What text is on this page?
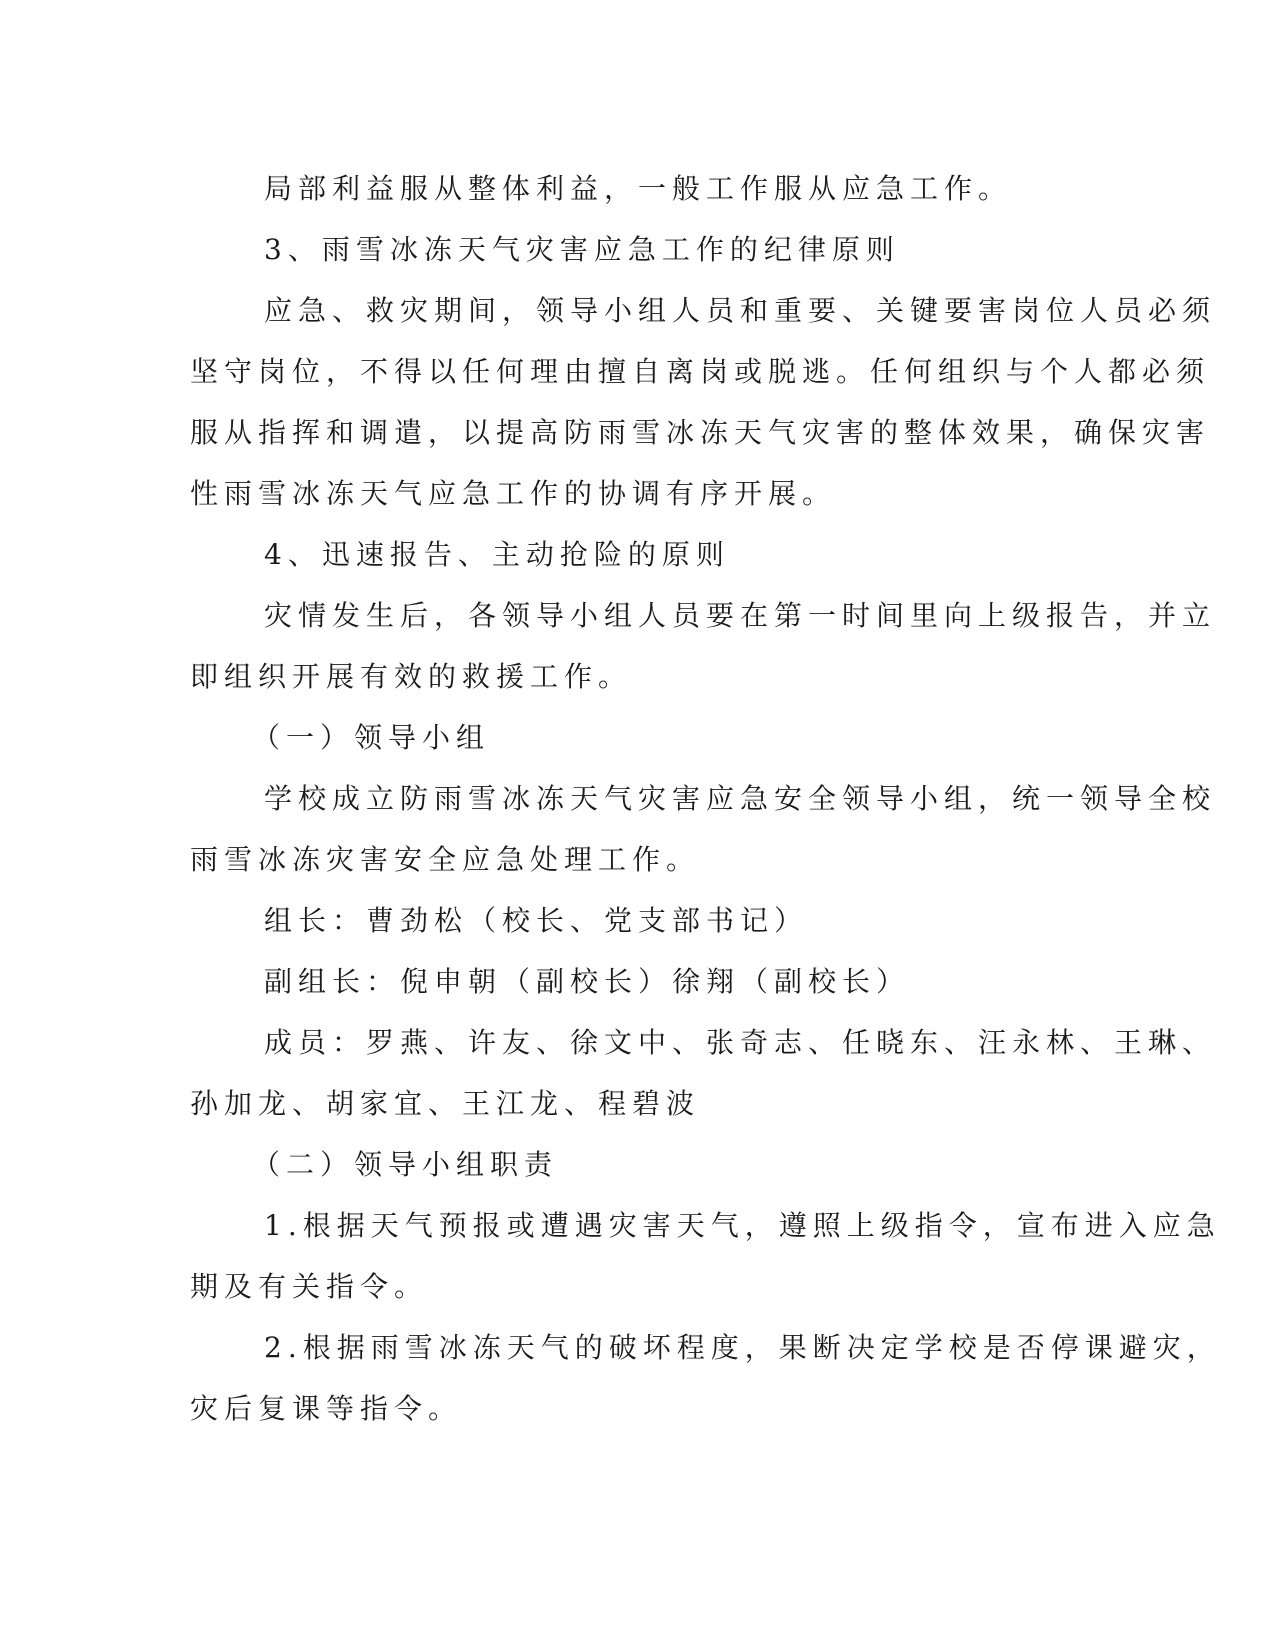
局部利益服从整体利益，一般工作服从应急工作。
3、雨雪冰冻天气灾害应急工作的纪律原则
应急、救灾期间，领导小组人员和重要、关键要害岗位人员必须
坚守岗位，不得以任何理由擅自离岗或脱逃。任何组织与个人都必须
服从指挥和调遣，以提高防雨雪冰冻天气灾害的整体效果，确保灾害
性雨雪冰冻天气应急工作的协调有序开展。
4、迅速报告、主动抢险的原则
灾情发生后，各领导小组人员要在第一时间里向上级报告，并立
即组织开展有效的救援工作。
（一）领导小组
学校成立防雨雪冰冻天气灾害应急安全领导小组，统一领导全校
雨雪冰冻灾害安全应急处理工作。
组长：曹劲松（校长、党支部书记）
副组长：倪申朝（副校长）徐翔（副校长）
成员：罗燕、许友、徐文中、张奇志、任晓东、汪永林、王琳、
孙加龙、胡家宜、王江龙、程碧波
（二）领导小组职责
1.根据天气预报或遭遇灾害天气，遵照上级指令，宣布进入应急
期及有关指令。
2.根据雨雪冰冻天气的破坏程度，果断决定学校是否停课避灾，
灾后复课等指令。
